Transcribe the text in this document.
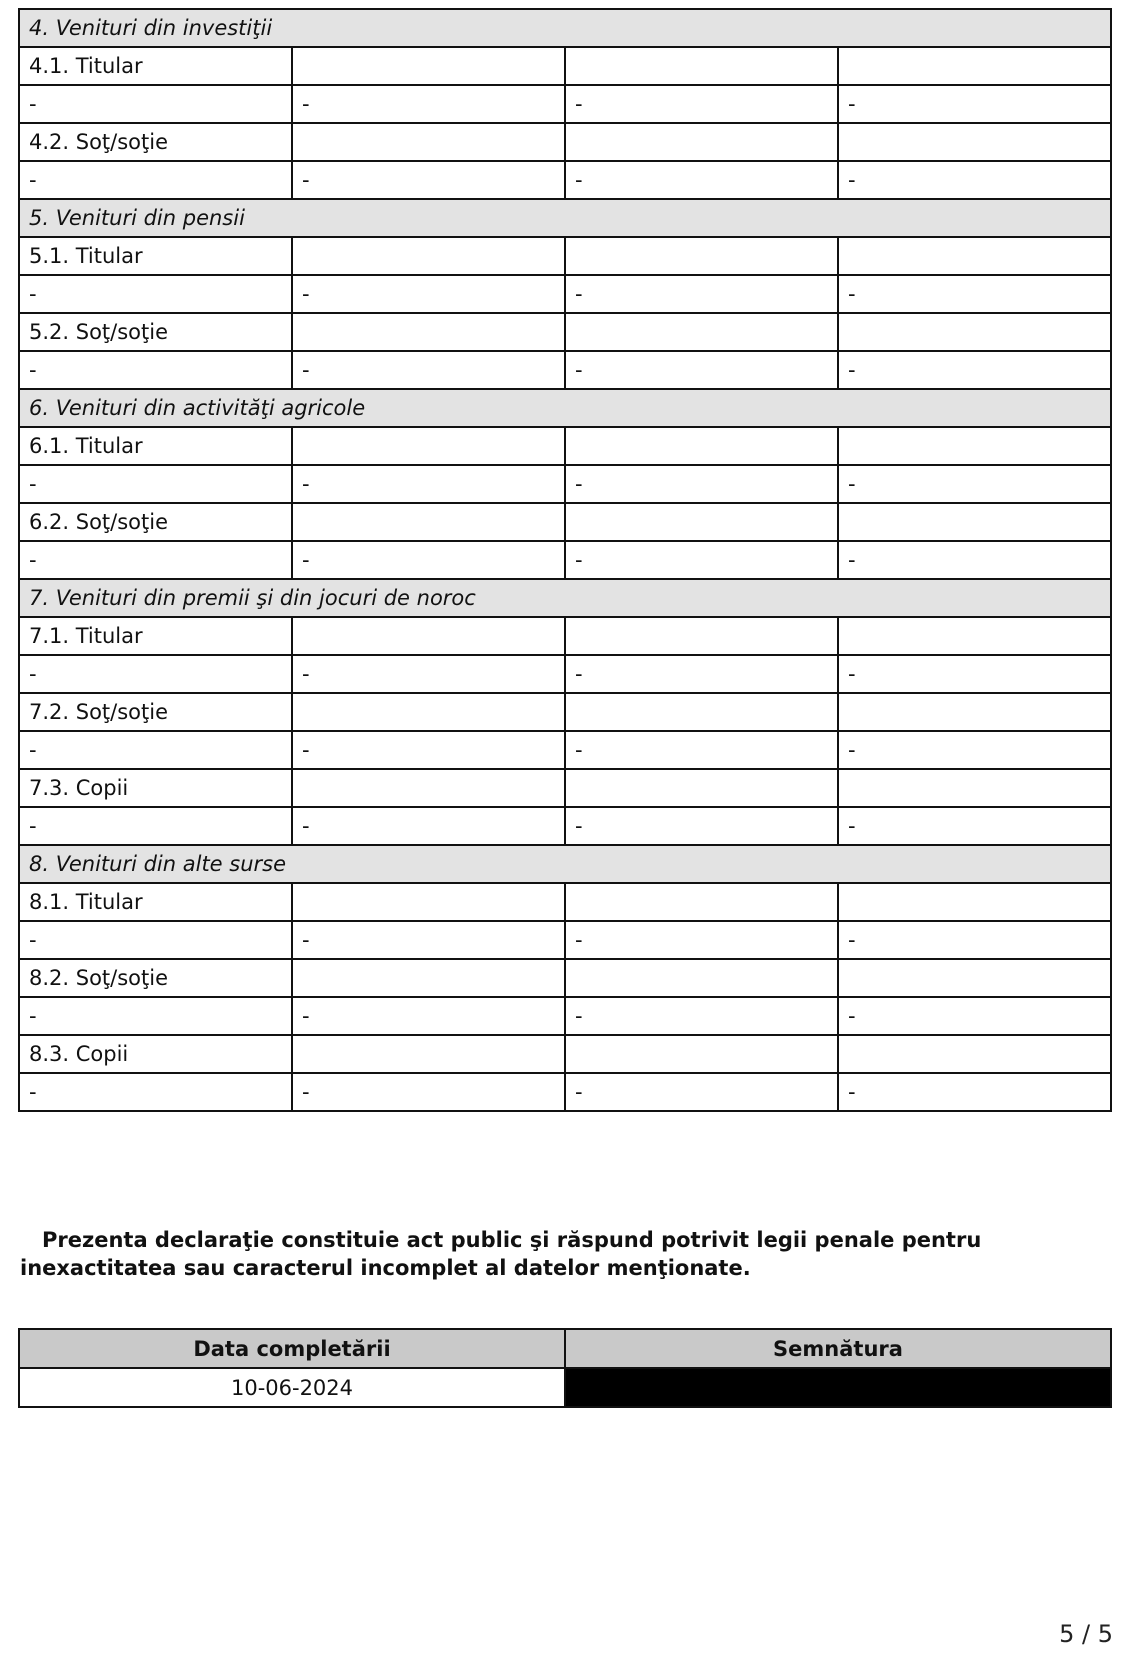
4. Venituri din investiţii			
4.1. Titular			
-	-	-	-
4.2. Soţ/soţie			
-	-	-	-
5. Venituri din pensii			
5.1. Titular			
-	-	-	-
5.2. Soţ/soţie			
-	-	-	-
6. Venituri din activităţi agricole			
6.1. Titular			
-	-	-	-
6.2. Soţ/soţie			
-	-	-	-
7. Venituri din premii şi din jocuri de noroc			
7.1. Titular			
-	-	-	-
7.2. Soţ/soţie			
-	-	-	-
7.3. Copii			
-	-	-	-
8. Venituri din alte surse			
8.1. Titular			
-	-	-	-
8.2. Soţ/soţie			
-	-	-	-
8.3. Copii			
-	-	-	-

Prezenta declaraţie constituie act public şi răspund potrivit legii penale pentru inexactitatea sau caracterul incomplet al datelor menţionate.

Data completării	Semnătura
10-06-2024	
5 / 5
